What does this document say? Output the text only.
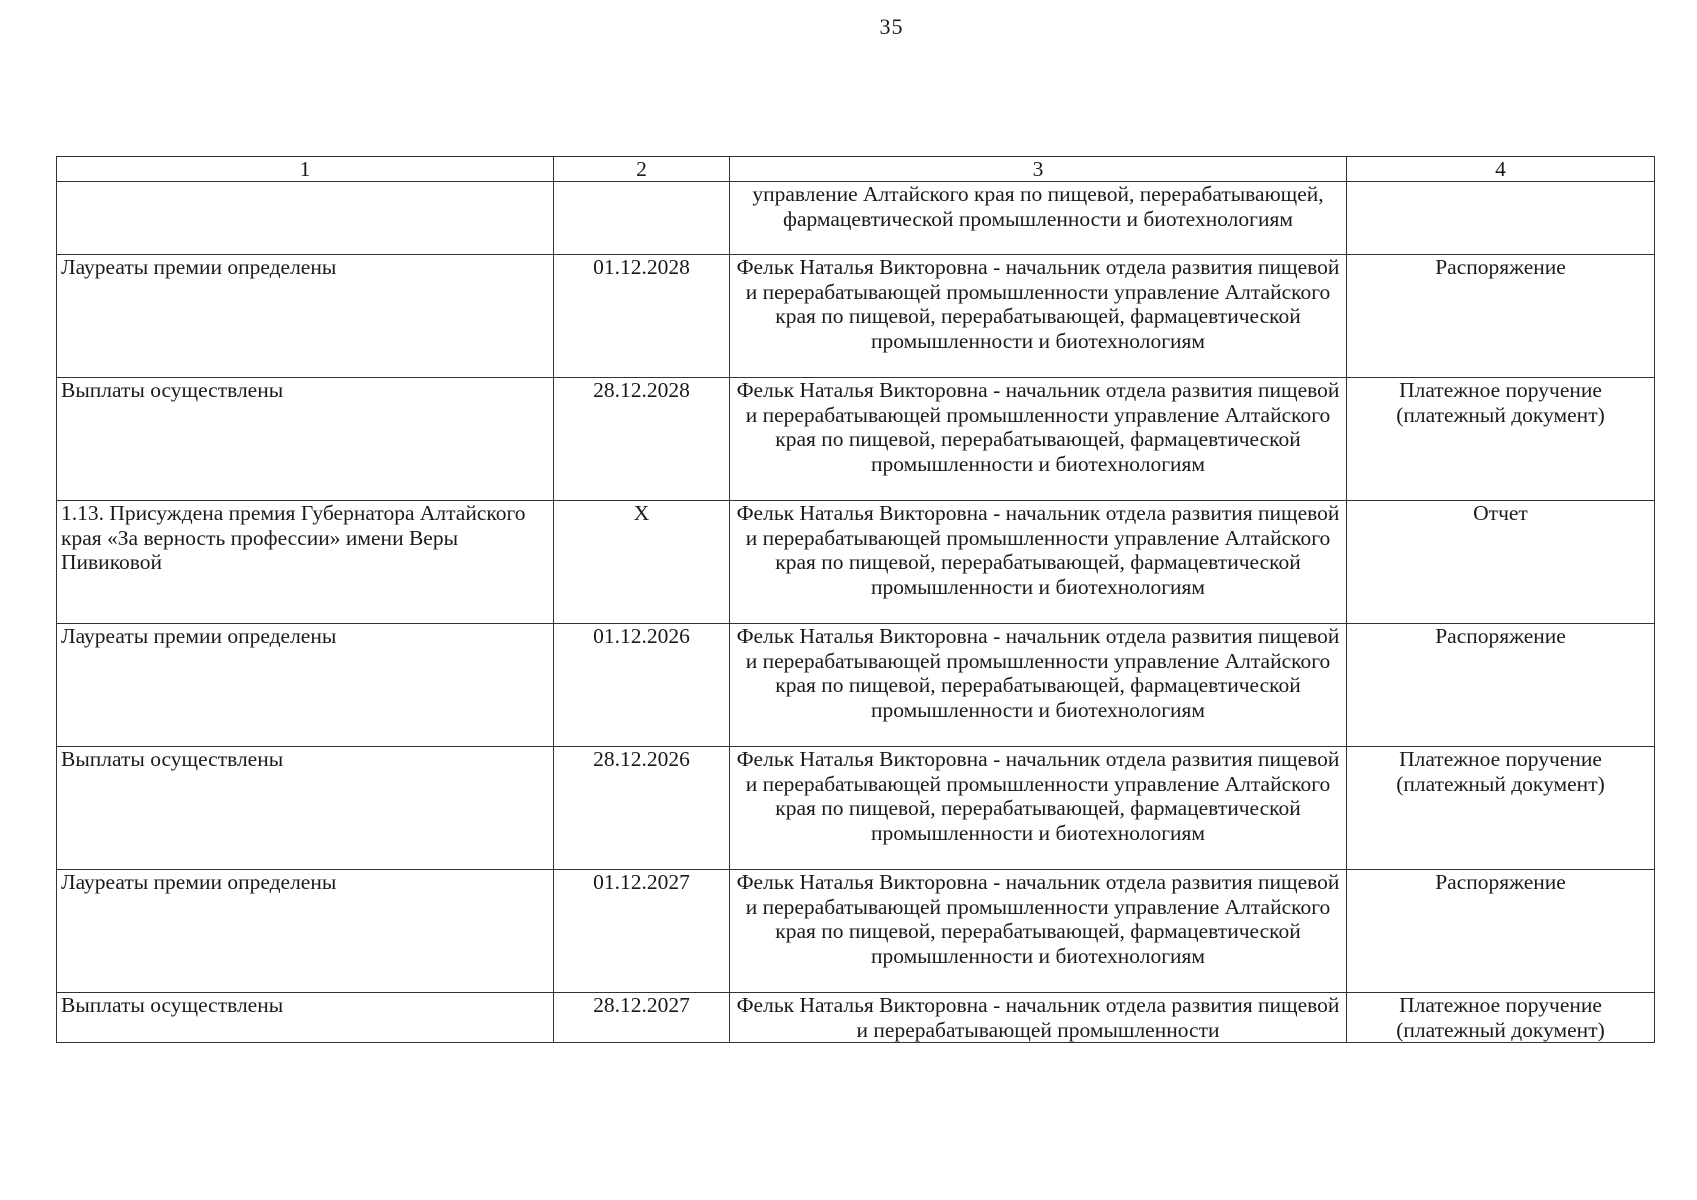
35
1	2	3	4
		управление Алтайского края по пищевой, перерабатывающей, фармацевтической промышленности и биотехнологиям	
Лауреаты премии определены	01.12.2028	Фельк Наталья Викторовна - начальник отдела развития пищевой и перерабатывающей промышленности управление Алтайского края по пищевой, перерабатывающей, фармацевтической промышленности и биотехнологиям	Распоряжение
Выплаты осуществлены	28.12.2028	Фельк Наталья Викторовна - начальник отдела развития пищевой и перерабатывающей промышленности управление Алтайского края по пищевой, перерабатывающей, фармацевтической промышленности и биотехнологиям	Платежное поручение (платежный документ)
1.13. Присуждена премия Губернатора Алтайского края «За верность профессии» имени Веры Пивиковой	X	Фельк Наталья Викторовна - начальник отдела развития пищевой и перерабатывающей промышленности управление Алтайского края по пищевой, перерабатывающей, фармацевтической промышленности и биотехнологиям	Отчет
Лауреаты премии определены	01.12.2026	Фельк Наталья Викторовна - начальник отдела развития пищевой и перерабатывающей промышленности управление Алтайского края по пищевой, перерабатывающей, фармацевтической промышленности и биотехнологиям	Распоряжение
Выплаты осуществлены	28.12.2026	Фельк Наталья Викторовна - начальник отдела развития пищевой и перерабатывающей промышленности управление Алтайского края по пищевой, перерабатывающей, фармацевтической промышленности и биотехнологиям	Платежное поручение (платежный документ)
Лауреаты премии определены	01.12.2027	Фельк Наталья Викторовна - начальник отдела развития пищевой и перерабатывающей промышленности управление Алтайского края по пищевой, перерабатывающей, фармацевтической промышленности и биотехнологиям	Распоряжение
Выплаты осуществлены	28.12.2027	Фельк Наталья Викторовна - начальник отдела развития пищевой и перерабатывающей промышленности	Платежное поручение (платежный документ)
